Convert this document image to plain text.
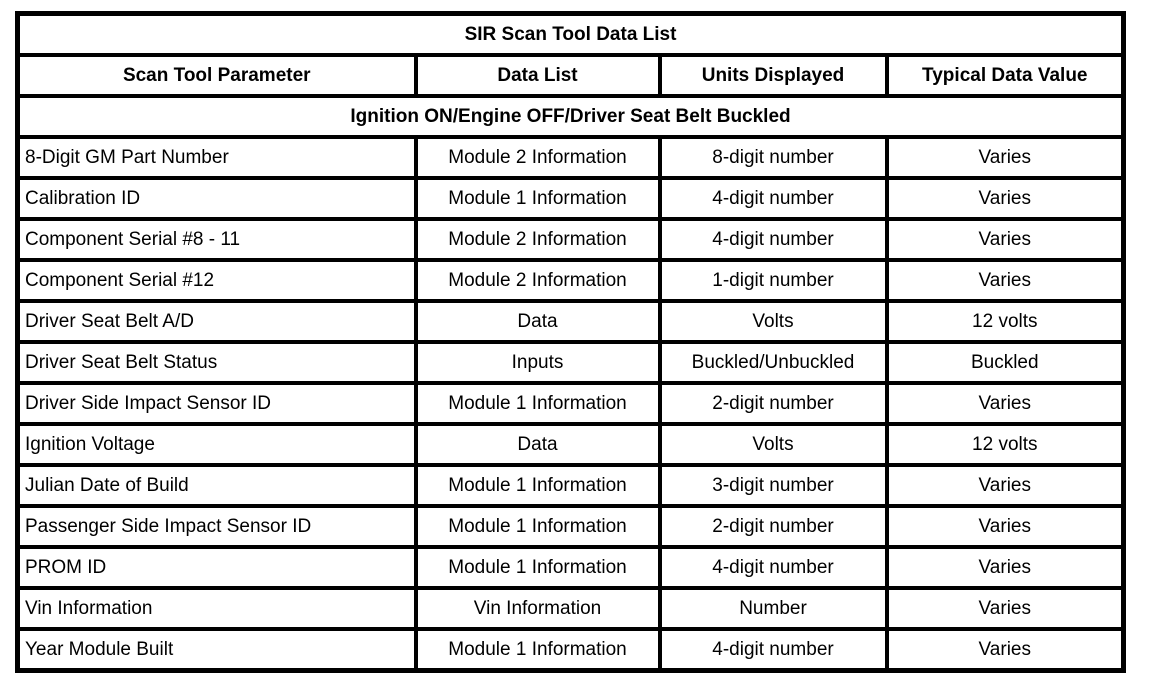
SIR Scan Tool Data List			
Scan Tool Parameter	Data List	Units Displayed	Typical Data Value
Ignition ON/Engine OFF/Driver Seat Belt Buckled			
8-Digit GM Part Number	Module 2 Information	8-digit number	Varies
Calibration ID	Module 1 Information	4-digit number	Varies
Component Serial #8 - 11	Module 2 Information	4-digit number	Varies
Component Serial #12	Module 2 Information	1-digit number	Varies
Driver Seat Belt A/D	Data	Volts	12 volts
Driver Seat Belt Status	Inputs	Buckled/Unbuckled	Buckled
Driver Side Impact Sensor ID	Module 1 Information	2-digit number	Varies
Ignition Voltage	Data	Volts	12 volts
Julian Date of Build	Module 1 Information	3-digit number	Varies
Passenger Side Impact Sensor ID	Module 1 Information	2-digit number	Varies
PROM ID	Module 1 Information	4-digit number	Varies
Vin Information	Vin Information	Number	Varies
Year Module Built	Module 1 Information	4-digit number	Varies
